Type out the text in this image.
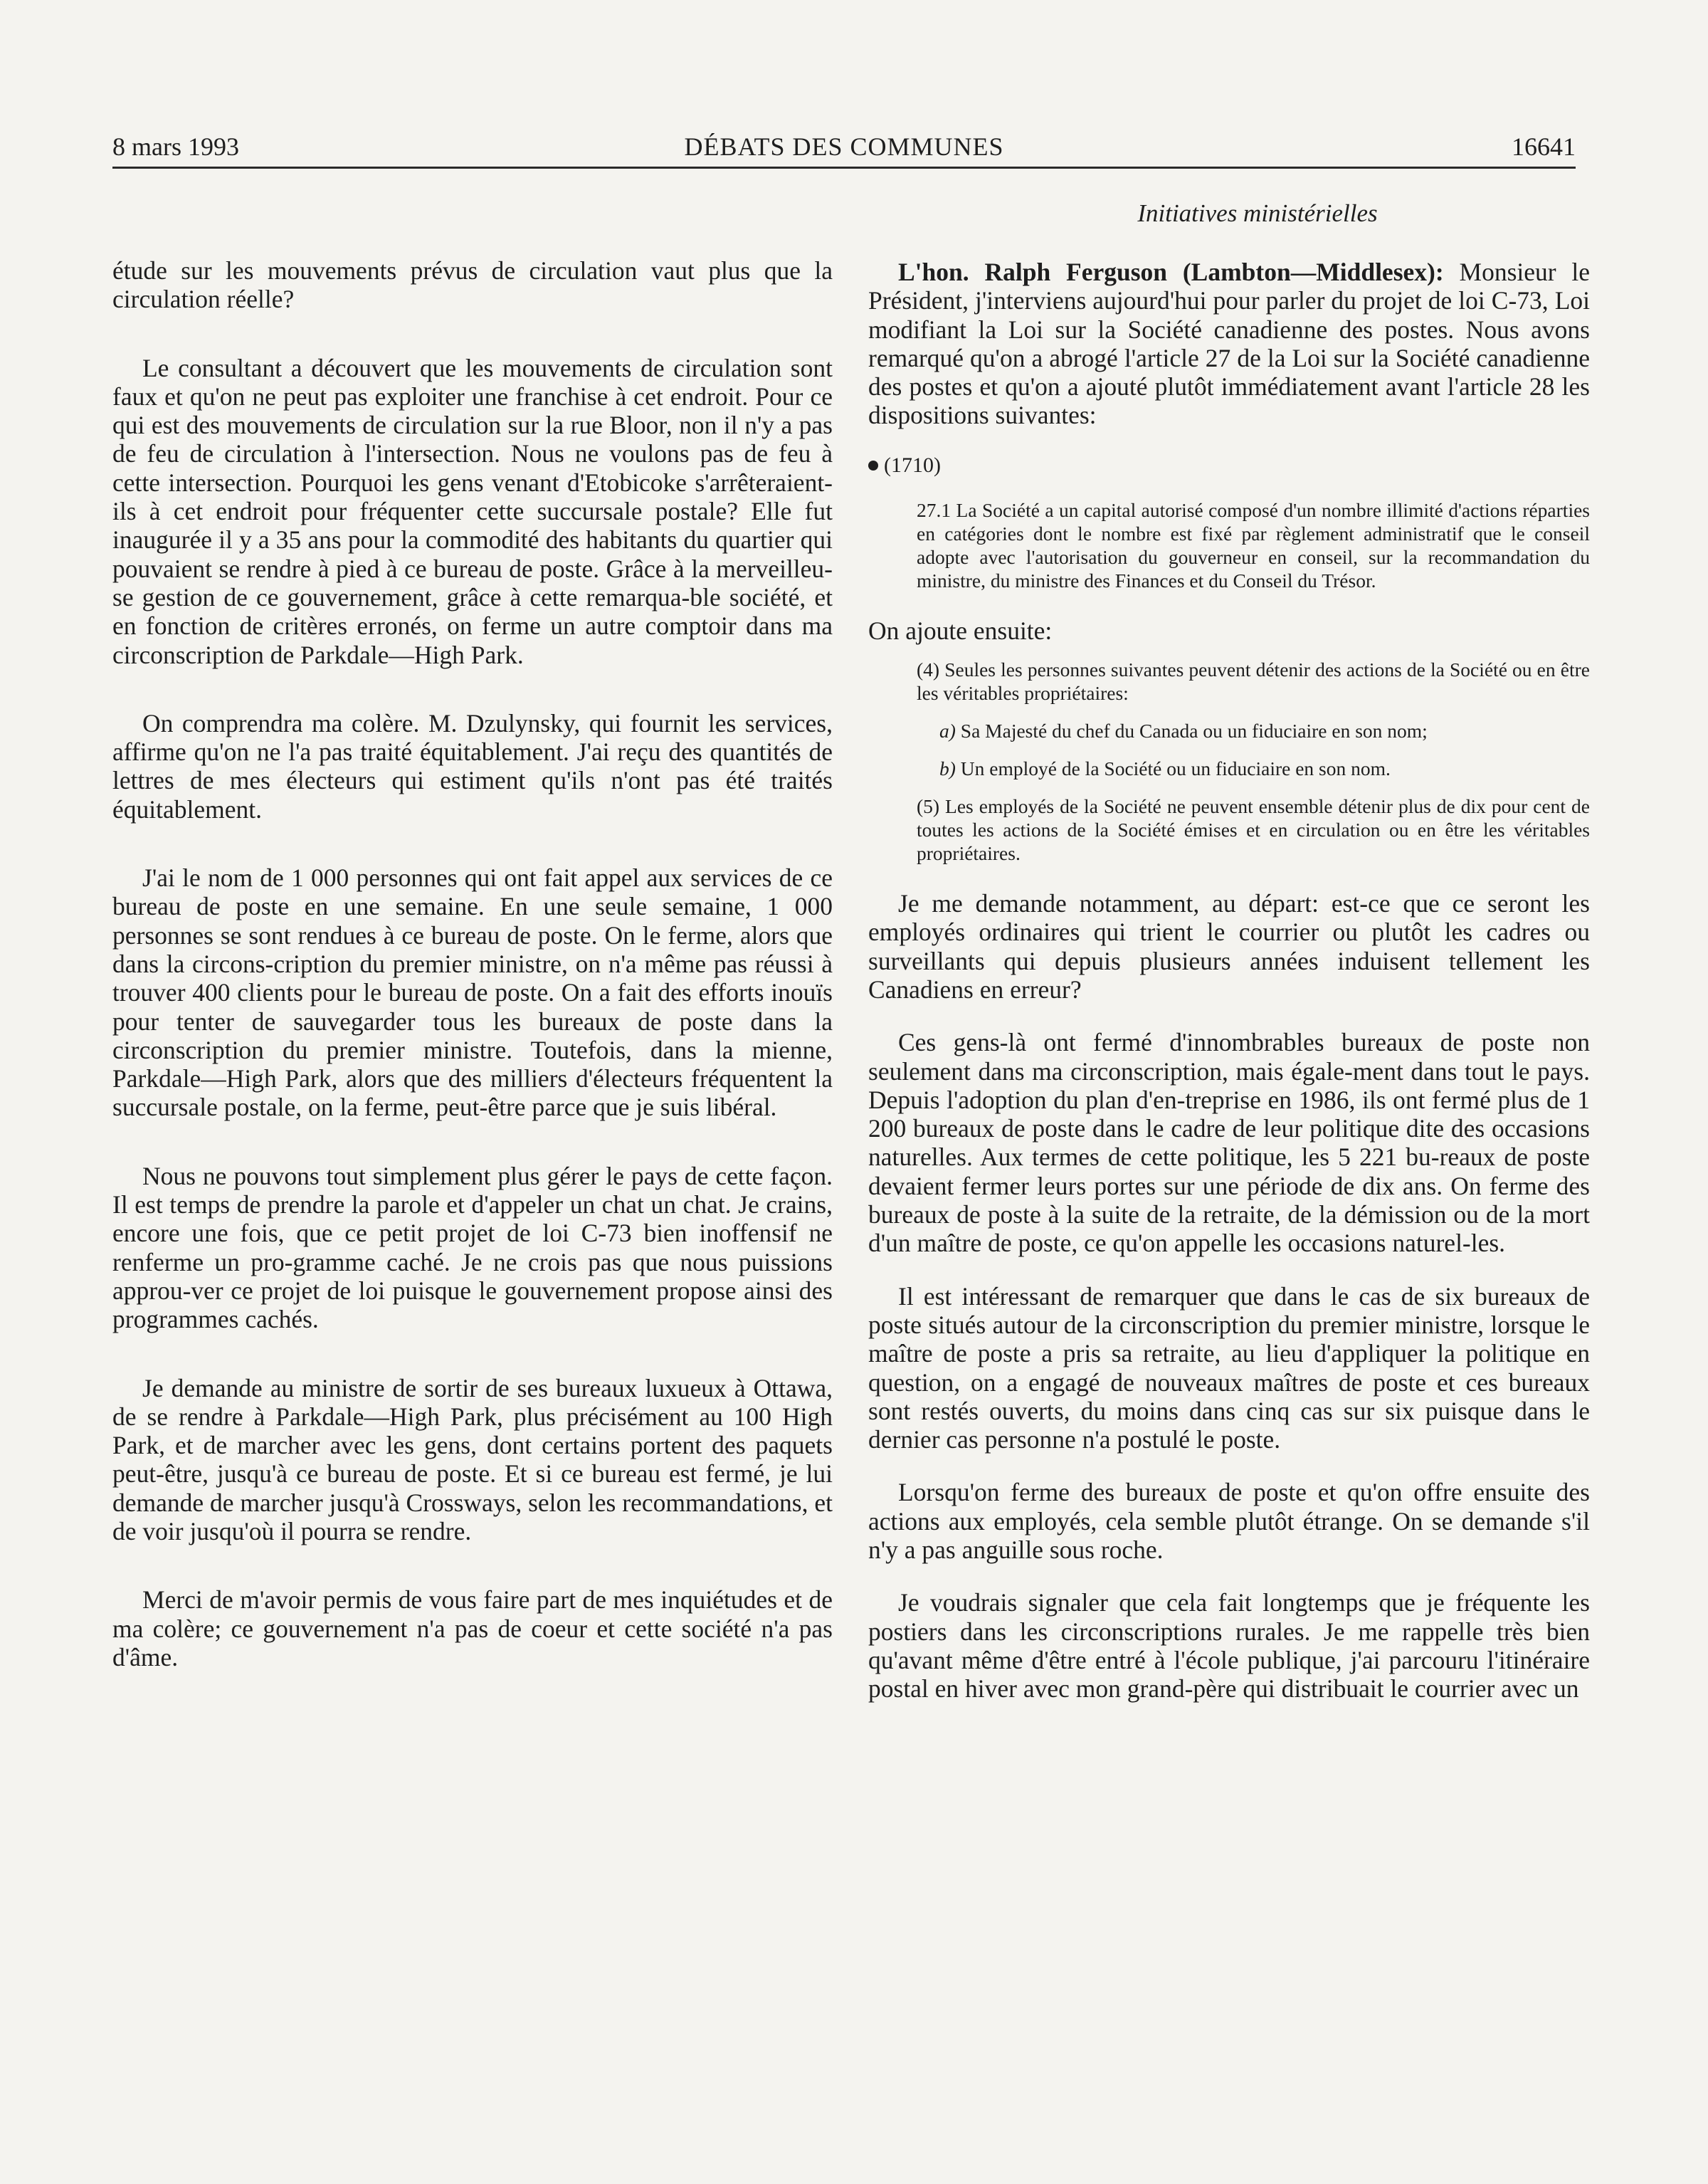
8 mars 1993	DÉBATS DES COMMUNES	16641

étude sur les mouvements prévus de circulation vaut plus que la circulation réelle?

Le consultant a découvert que les mouvements de circulation sont faux et qu'on ne peut pas exploiter une franchise à cet endroit. Pour ce qui est des mouvements de circulation sur la rue Bloor, non il n'y a pas de feu de circulation à l'intersection. Nous ne voulons pas de feu à cette intersection. Pourquoi les gens venant d'Etobicoke s'arrêteraient-ils à cet endroit pour fréquenter cette succursale postale? Elle fut inaugurée il y a 35 ans pour la commodité des habitants du quartier qui pouvaient se rendre à pied à ce bureau de poste. Grâce à la merveilleu-se gestion de ce gouvernement, grâce à cette remarqua-ble société, et en fonction de critères erronés, on ferme un autre comptoir dans ma circonscription de Parkdale—High Park.

On comprendra ma colère. M. Dzulynsky, qui fournit les services, affirme qu'on ne l'a pas traité équitablement. J'ai reçu des quantités de lettres de mes électeurs qui estiment qu'ils n'ont pas été traités équitablement.

J'ai le nom de 1 000 personnes qui ont fait appel aux services de ce bureau de poste en une semaine. En une seule semaine, 1 000 personnes se sont rendues à ce bureau de poste. On le ferme, alors que dans la circons-cription du premier ministre, on n'a même pas réussi à trouver 400 clients pour le bureau de poste. On a fait des efforts inouïs pour tenter de sauvegarder tous les bureaux de poste dans la circonscription du premier ministre. Toutefois, dans la mienne, Parkdale—High Park, alors que des milliers d'électeurs fréquentent la succursale postale, on la ferme, peut-être parce que je suis libéral.

Nous ne pouvons tout simplement plus gérer le pays de cette façon. Il est temps de prendre la parole et d'appeler un chat un chat. Je crains, encore une fois, que ce petit projet de loi C-73 bien inoffensif ne renferme un pro-gramme caché. Je ne crois pas que nous puissions approu-ver ce projet de loi puisque le gouvernement propose ainsi des programmes cachés.

Je demande au ministre de sortir de ses bureaux luxueux à Ottawa, de se rendre à Parkdale—High Park, plus précisément au 100 High Park, et de marcher avec les gens, dont certains portent des paquets peut-être, jusqu'à ce bureau de poste. Et si ce bureau est fermé, je lui demande de marcher jusqu'à Crossways, selon les recommandations, et de voir jusqu'où il pourra se rendre.

Merci de m'avoir permis de vous faire part de mes inquiétudes et de ma colère; ce gouvernement n'a pas de coeur et cette société n'a pas d'âme.

Initiatives ministérielles

L'hon. Ralph Ferguson (Lambton—Middlesex): Monsieur le Président, j'interviens aujourd'hui pour parler du projet de loi C-73, Loi modifiant la Loi sur la Société canadienne des postes. Nous avons remarqué qu'on a abrogé l'article 27 de la Loi sur la Société canadienne des postes et qu'on a ajouté plutôt immédiatement avant l'article 28 les dispositions suivantes:

(1710)

27.1 La Société a un capital autorisé composé d'un nombre illimité d'actions réparties en catégories dont le nombre est fixé par règlement administratif que le conseil adopte avec l'autorisation du gouverneur en conseil, sur la recommandation du ministre, du ministre des Finances et du Conseil du Trésor.

On ajoute ensuite:

(4) Seules les personnes suivantes peuvent détenir des actions de la Société ou en être les véritables propriétaires:

a) Sa Majesté du chef du Canada ou un fiduciaire en son nom;

b) Un employé de la Société ou un fiduciaire en son nom.

(5) Les employés de la Société ne peuvent ensemble détenir plus de dix pour cent de toutes les actions de la Société émises et en circulation ou en être les véritables propriétaires.

Je me demande notamment, au départ: est-ce que ce seront les employés ordinaires qui trient le courrier ou plutôt les cadres ou surveillants qui depuis plusieurs années induisent tellement les Canadiens en erreur?

Ces gens-là ont fermé d'innombrables bureaux de poste non seulement dans ma circonscription, mais égale-ment dans tout le pays. Depuis l'adoption du plan d'en-treprise en 1986, ils ont fermé plus de 1 200 bureaux de poste dans le cadre de leur politique dite des occasions naturelles. Aux termes de cette politique, les 5 221 bu-reaux de poste devaient fermer leurs portes sur une période de dix ans. On ferme des bureaux de poste à la suite de la retraite, de la démission ou de la mort d'un maître de poste, ce qu'on appelle les occasions naturel-les.

Il est intéressant de remarquer que dans le cas de six bureaux de poste situés autour de la circonscription du premier ministre, lorsque le maître de poste a pris sa retraite, au lieu d'appliquer la politique en question, on a engagé de nouveaux maîtres de poste et ces bureaux sont restés ouverts, du moins dans cinq cas sur six puisque dans le dernier cas personne n'a postulé le poste.

Lorsqu'on ferme des bureaux de poste et qu'on offre ensuite des actions aux employés, cela semble plutôt étrange. On se demande s'il n'y a pas anguille sous roche.

Je voudrais signaler que cela fait longtemps que je fréquente les postiers dans les circonscriptions rurales. Je me rappelle très bien qu'avant même d'être entré à l'école publique, j'ai parcouru l'itinéraire postal en hiver avec mon grand-père qui distribuait le courrier avec un
